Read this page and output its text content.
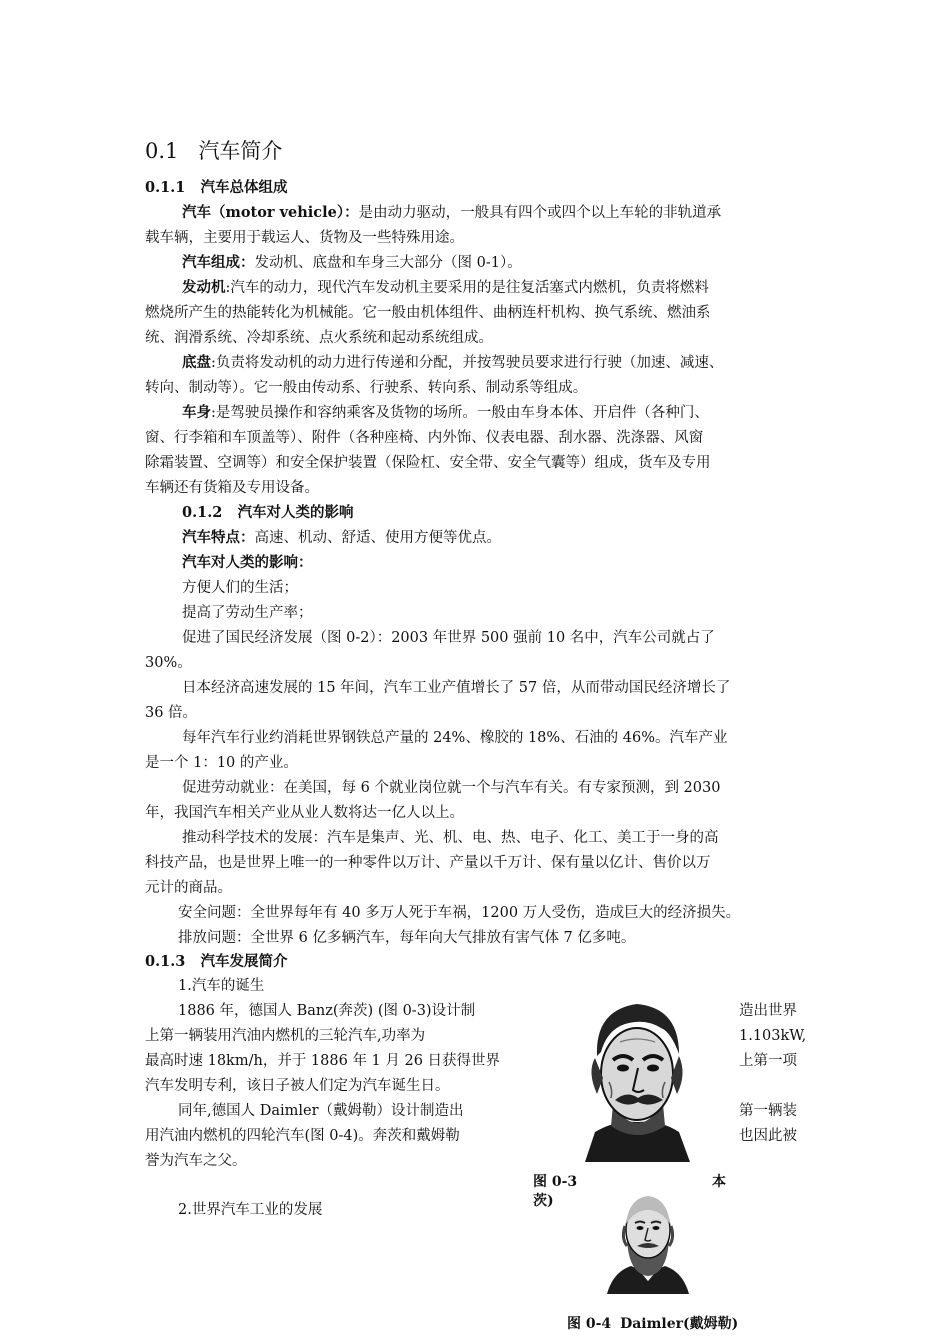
0.1 汽车简介
0.1.1 汽车总体组成
汽车（motor vehicle）：是由动力驱动，一般具有四个或四个以上车轮的非轨道承
载车辆，主要用于载运人、货物及一些特殊用途。
汽车组成：发动机、底盘和车身三大部分（图 0-1）。
发动机:汽车的动力，现代汽车发动机主要采用的是往复活塞式内燃机，负责将燃料
燃烧所产生的热能转化为机械能。它一般由机体组件、曲柄连杆机构、换气系统、燃油系
统、润滑系统、冷却系统、点火系统和起动系统组成。
底盘:负责将发动机的动力进行传递和分配，并按驾驶员要求进行行驶（加速、减速、
转向、制动等）。它一般由传动系、行驶系、转向系、制动系等组成。
车身:是驾驶员操作和容纳乘客及货物的场所。一般由车身本体、开启件（各种门、
窗、行李箱和车顶盖等）、附件（各种座椅、内外饰、仪表电器、刮水器、洗涤器、风窗
除霜装置、空调等）和安全保护装置（保险杠、安全带、安全气囊等）组成，货车及专用
车辆还有货箱及专用设备。
0.1.2 汽车对人类的影响
汽车特点：高速、机动、舒适、使用方便等优点。
汽车对人类的影响：
方便人们的生活；
提高了劳动生产率；
促进了国民经济发展（图 0-2）：2003 年世界 500 强前 10 名中，汽车公司就占了
30%。
日本经济高速发展的 15 年间，汽车工业产值增长了 57 倍，从而带动国民经济增长了
36 倍。
每年汽车行业约消耗世界钢铁总产量的 24%、橡胶的 18%、石油的 46%。汽车产业
是一个 1：10 的产业。
促进劳动就业：在美国，每 6 个就业岗位就一个与汽车有关。有专家预测，到 2030
年，我国汽车相关产业从业人数将达一亿人以上。
推动科学技术的发展：汽车是集声、光、机、电、热、电子、化工、美工于一身的高
科技产品，也是世界上唯一的一种零件以万计、产量以千万计、保有量以亿计、售价以万
元计的商品。
安全问题：全世界每年有 40 多万人死于车祸，1200 万人受伤，造成巨大的经济损失。
排放问题：全世界 6 亿多辆汽车，每年向大气排放有害气体 7 亿多吨。
0.1.3 汽车发展简介
1.汽车的诞生
1886 年，德国人 Banz(奔茨) (图 0-3)设计制
上第一辆装用汽油内燃机的三轮汽车,功率为
最高时速 18km/h，并于 1886 年 1 月 26 日获得世界
汽车发明专利，该日子被人们定为汽车诞生日。
同年,德国人 Daimler（戴姆勒）设计制造出
用汽油内燃机的四轮汽车(图 0-4)。奔茨和戴姆勒
誉为汽车之父。
造出世界
1.103kW,
上第一项
第一辆装
也因此被
2.世界汽车工业的发展
图 0-3	本
茨)
图 0-4 Daimler(戴姆勒)
